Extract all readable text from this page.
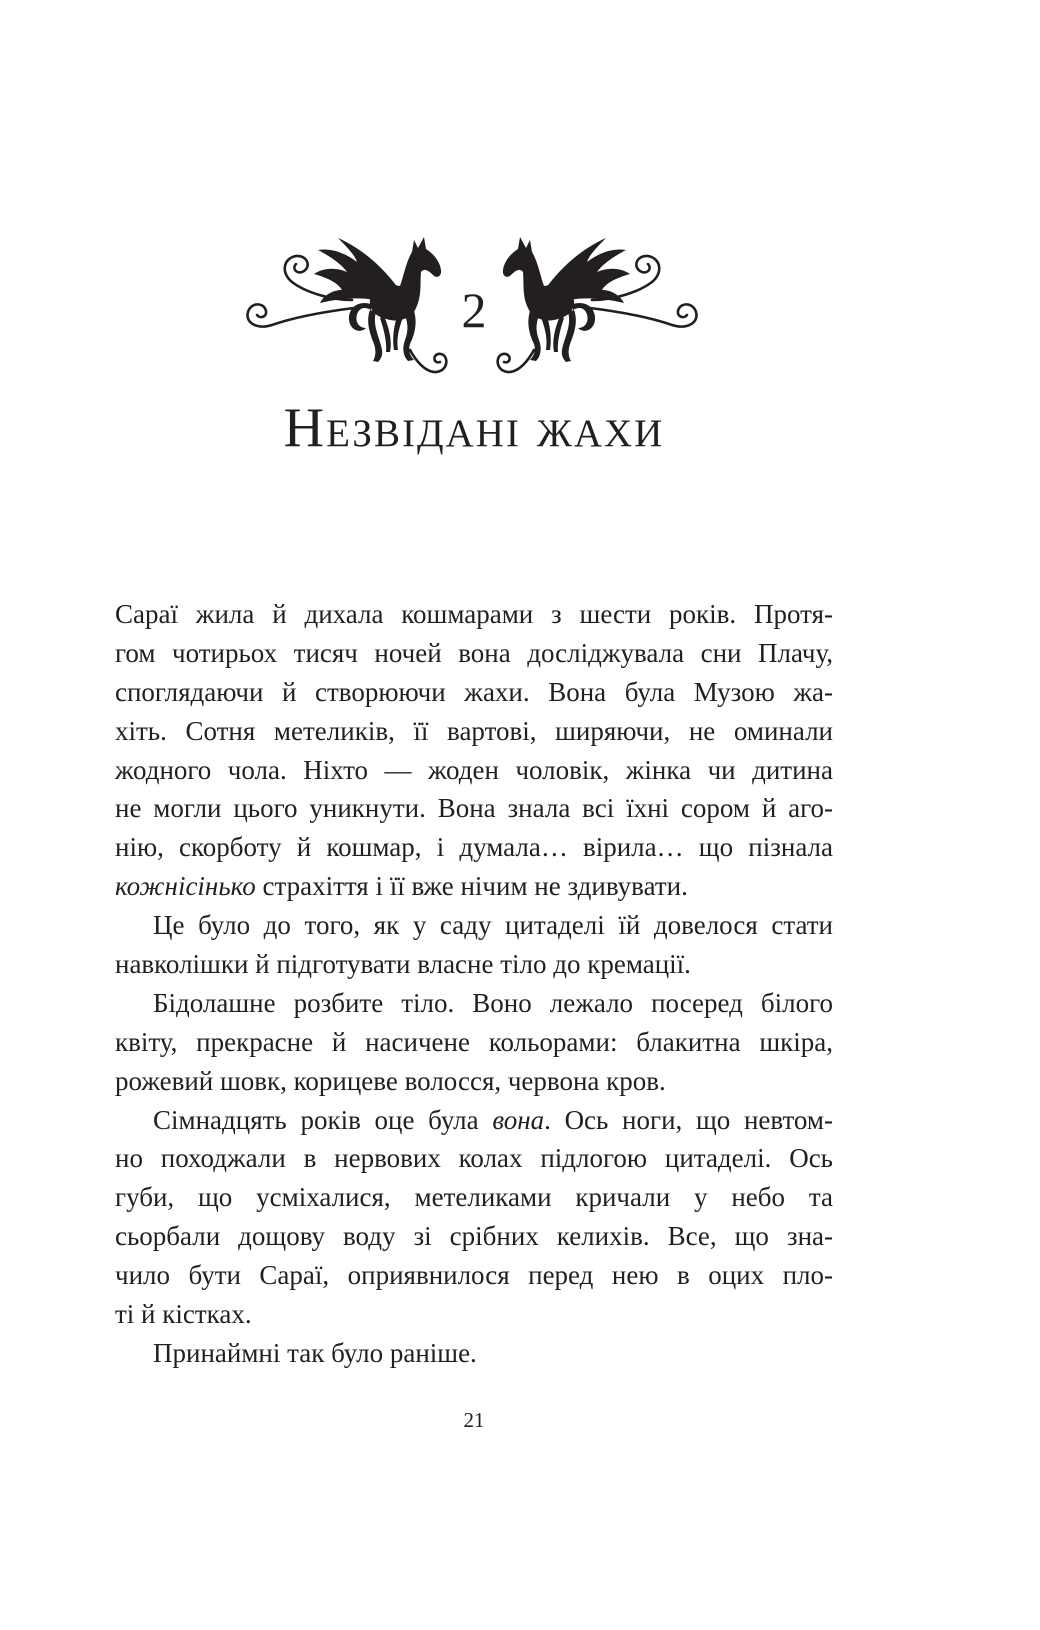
2
Незвідані жахи
Сараї жила й дихала кошмарами з шести років. Протя-
гом чотирьох тисяч ночей вона досліджувала сни Плачу,
споглядаючи й створюючи жахи. Вона була Музою жа-
хіть. Сотня метеликів, її вартові, ширяючи, не оминали
жодного чола. Ніхто — жоден чоловік, жінка чи дитина
не могли цього уникнути. Вона знала всі їхні сором й аго-
нію, скорботу й кошмар, і думала… вірила… що пізнала
кожнісінько страхіття і її вже нічим не здивувати.
Це було до того, як у саду цитаделі їй довелося стати
навколішки й підготувати власне тіло до кремації.
Бідолашне розбите тіло. Воно лежало посеред білого
квіту, прекрасне й насичене кольорами: блакитна шкіра,
рожевий шовк, корицеве волосся, червона кров.
Сімнадцять років оце була вона. Ось ноги, що невтом-
но походжали в нервових колах підлогою цитаделі. Ось
губи, що усміхалися, метеликами кричали у небо та
сьорбали дощову воду зі срібних келихів. Все, що зна-
чило бути Сараї, оприявнилося перед нею в оцих пло-
ті й кістках.
Принаймні так було раніше.
21
